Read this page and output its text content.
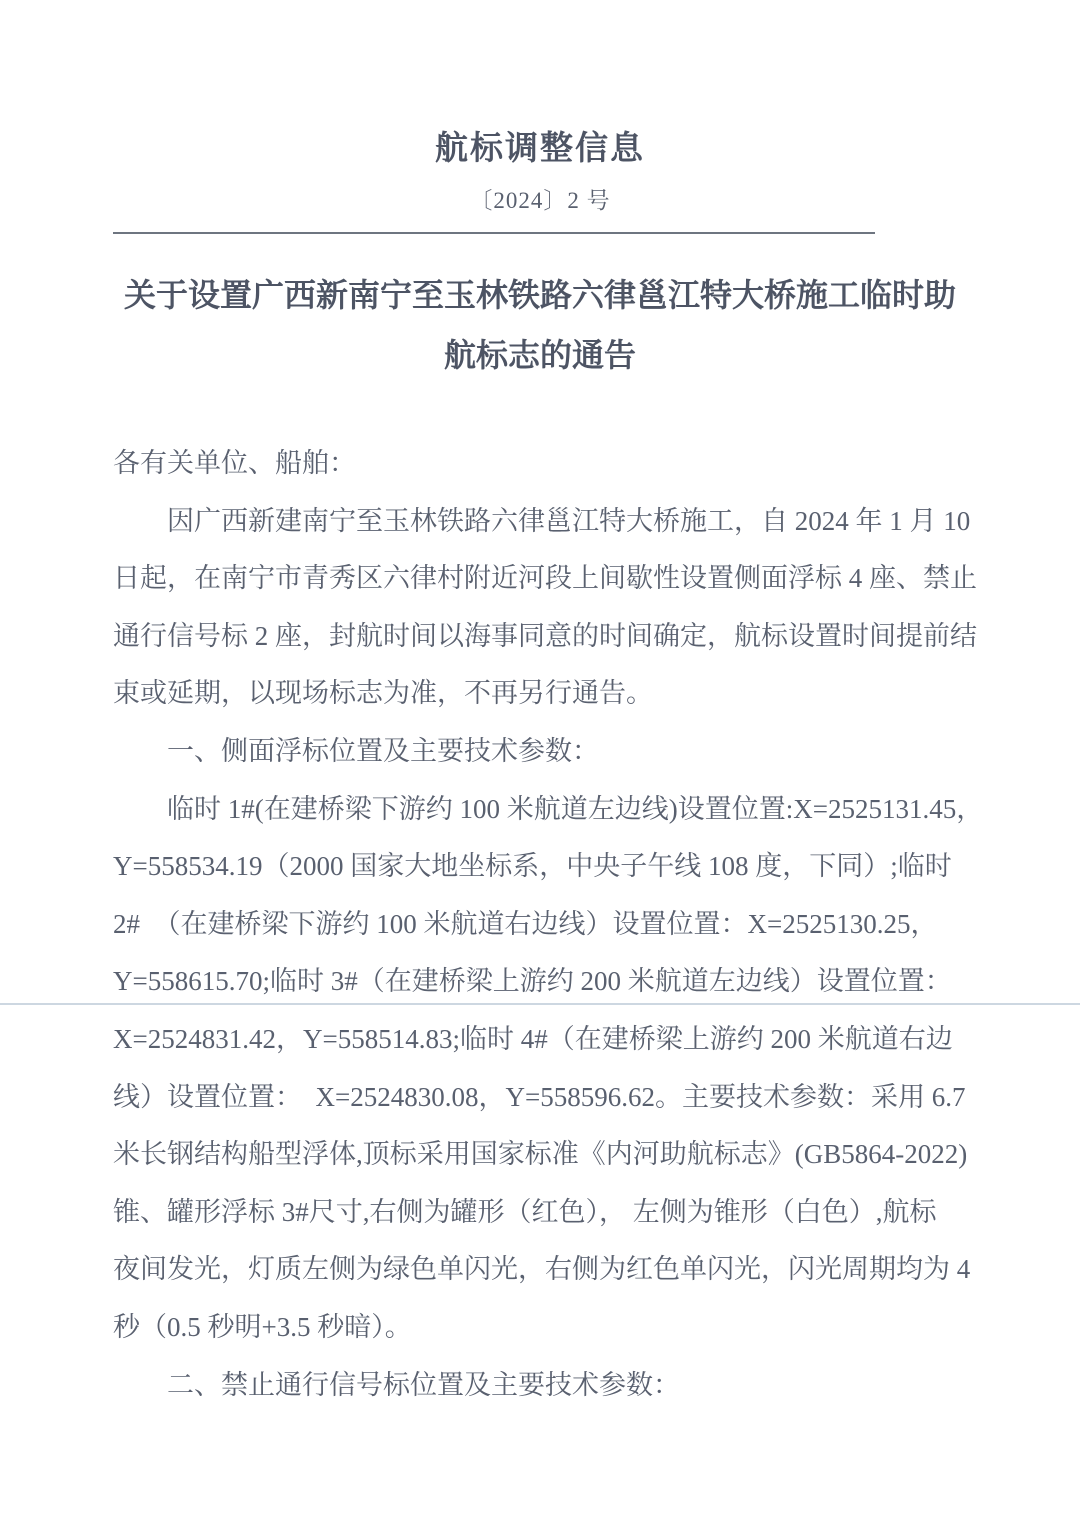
航标调整信息
〔2024〕2 号
关于设置广西新南宁至玉林铁路六律邕江特大桥施工临时助
航标志的通告
各有关单位、船舶：
　　因广西新建南宁至玉林铁路六律邕江特大桥施工，自 2024 年 1 月 10
日起，在南宁市青秀区六律村附近河段上间歇性设置侧面浮标 4 座、禁止
通行信号标 2 座，封航时间以海事同意的时间确定，航标设置时间提前结
束或延期，以现场标志为准，不再另行通告。
　　一、侧面浮标位置及主要技术参数：
　　临时 1#(在建桥梁下游约 100 米航道左边线)设置位置:X=2525131.45，
Y=558534.19（2000 国家大地坐标系，中央子午线 108 度，下同）;临时
2#　（在建桥梁下游约 100 米航道右边线）设置位置：X=2525130.25，
Y=558615.70;临时 3#（在建桥梁上游约 200 米航道左边线）设置位置：
X=2524831.42，Y=558514.83;临时 4#（在建桥梁上游约 200 米航道右边
线）设置位置：　X=2524830.08，Y=558596.62。主要技术参数：采用 6.7
米长钢结构船型浮体,顶标采用国家标准《内河助航标志》(GB5864-2022)
锥、罐形浮标 3#尺寸,右侧为罐形（红色）， 左侧为锥形（白色）,航标
夜间发光，灯质左侧为绿色单闪光，右侧为红色单闪光，闪光周期均为 4
秒（0.5 秒明+3.5 秒暗）。
　　二、禁止通行信号标位置及主要技术参数：
